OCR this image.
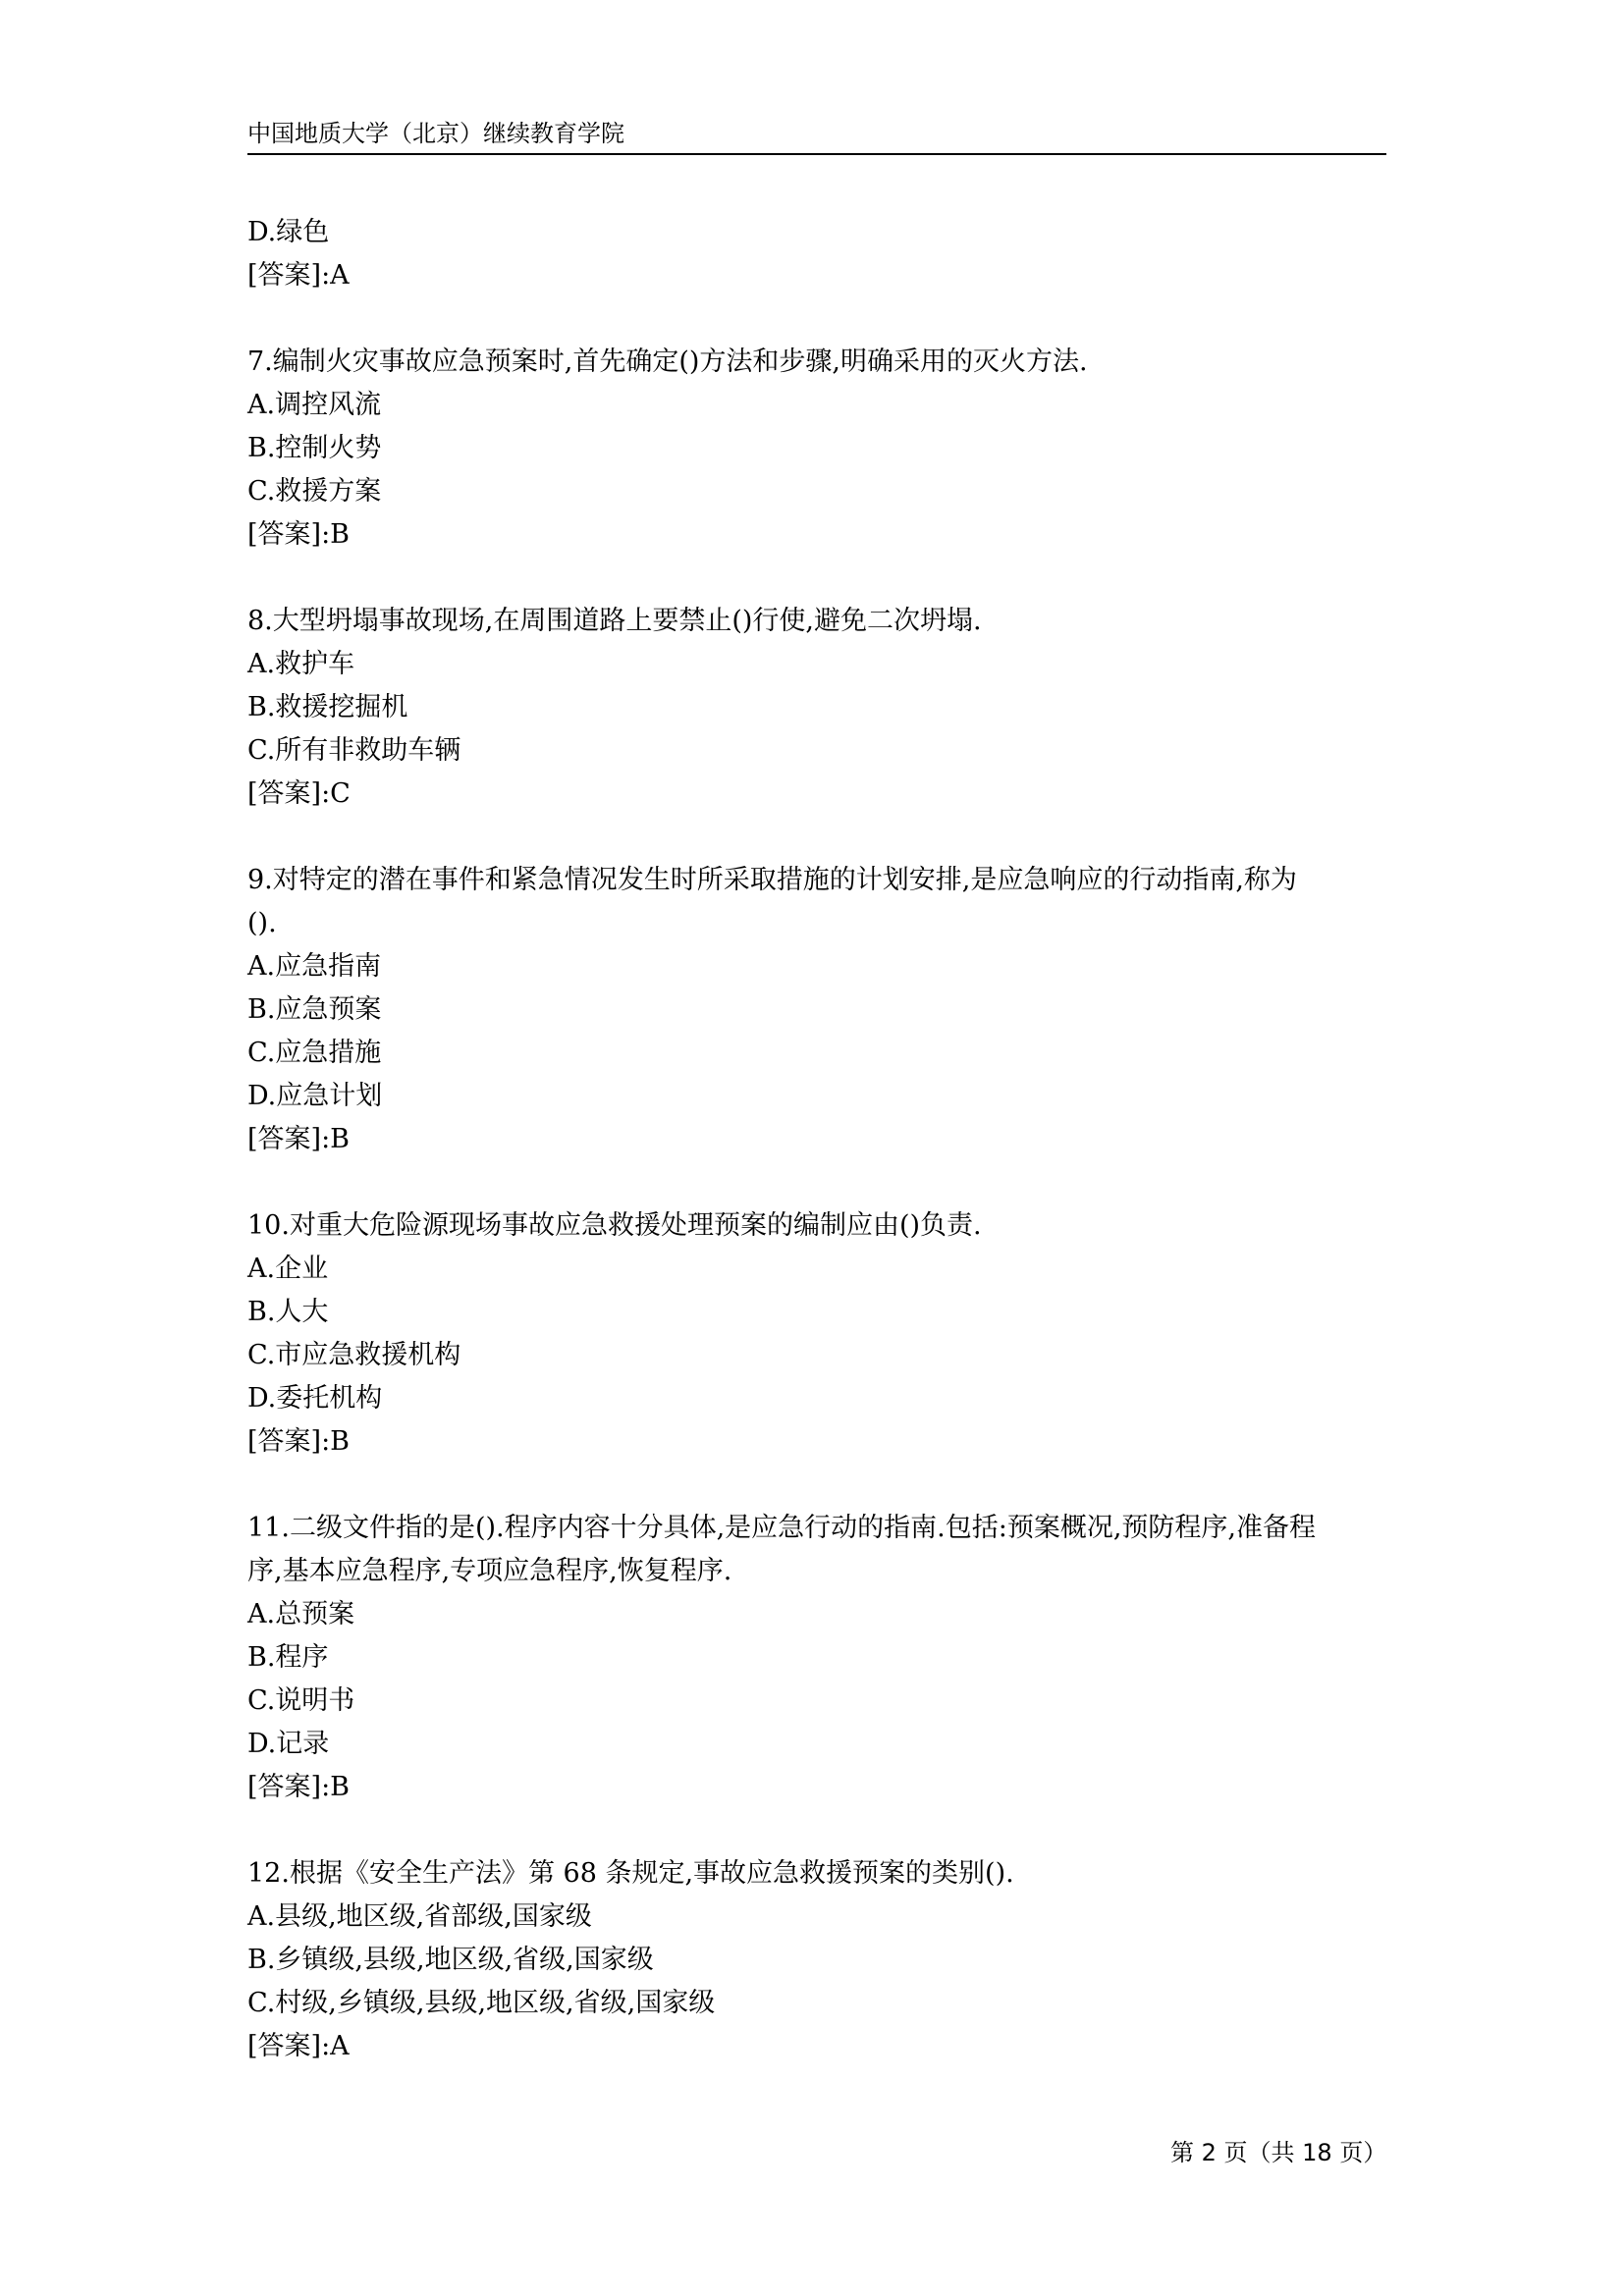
中国地质大学（北京）继续教育学院
D.绿色
[答案]:A
7.编制火灾事故应急预案时,首先确定()方法和步骤,明确采用的灭火方法.
A.调控风流
B.控制火势
C.救援方案
[答案]:B
8.大型坍塌事故现场,在周围道路上要禁止()行使,避免二次坍塌.
A.救护车
B.救援挖掘机
C.所有非救助车辆
[答案]:C
9.对特定的潜在事件和紧急情况发生时所采取措施的计划安排,是应急响应的行动指南,称为
().
A.应急指南
B.应急预案
C.应急措施
D.应急计划
[答案]:B
10.对重大危险源现场事故应急救援处理预案的编制应由()负责.
A.企业
B.人大
C.市应急救援机构
D.委托机构
[答案]:B
11.二级文件指的是().程序内容十分具体,是应急行动的指南.包括:预案概况,预防程序,准备程
序,基本应急程序,专项应急程序,恢复程序.
A.总预案
B.程序
C.说明书
D.记录
[答案]:B
12.根据《安全生产法》第 68 条规定,事故应急救援预案的类别().
A.县级,地区级,省部级,国家级
B.乡镇级,县级,地区级,省级,国家级
C.村级,乡镇级,县级,地区级,省级,国家级
[答案]:A
第 2 页（共 18 页）
